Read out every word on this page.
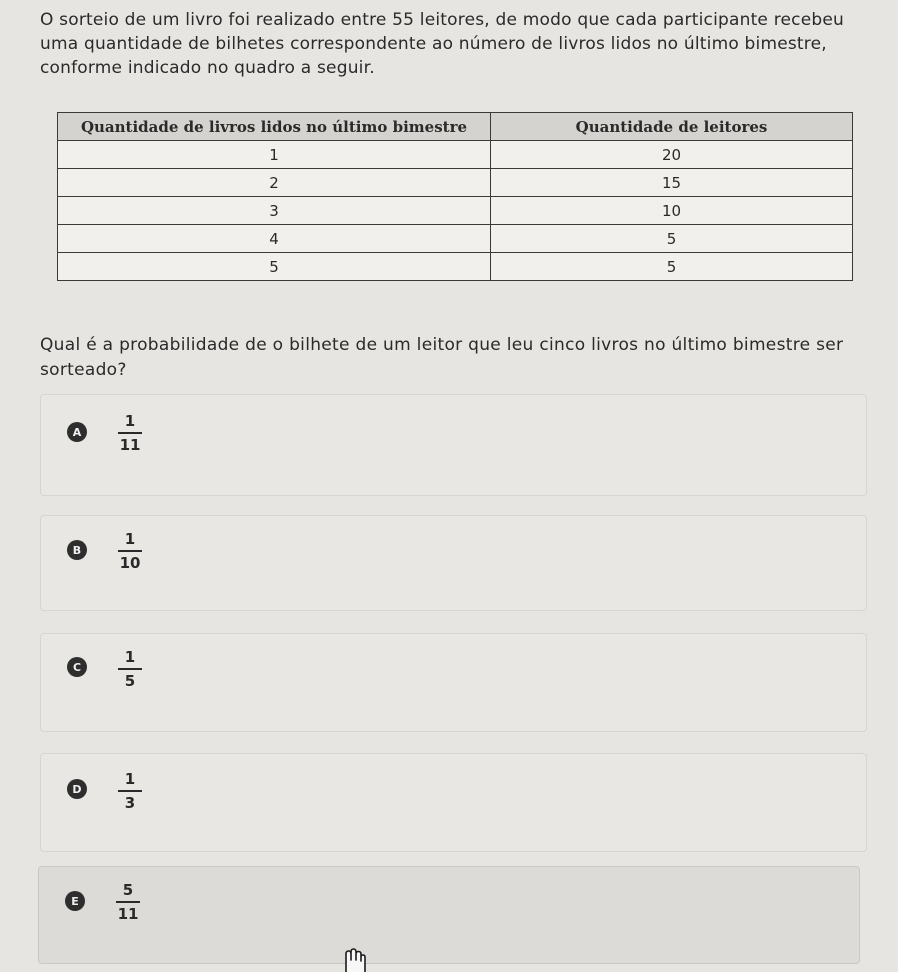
O sorteio de um livro foi realizado entre 55 leitores, de modo que cada participante recebeu uma quantidade de bilhetes correspondente ao número de livros lidos no último bimestre, conforme indicado no quadro a seguir.
Quantidade de livros lidos no último bimestre	Quantidade de leitores
1	20
2	15
3	10
4	5
5	5
Qual é a probabilidade de o bilhete de um leitor que leu cinco livros no último bimestre ser sorteado?
A
1
11
B
1
10
C
1
5
D
1
3
E
5
11
